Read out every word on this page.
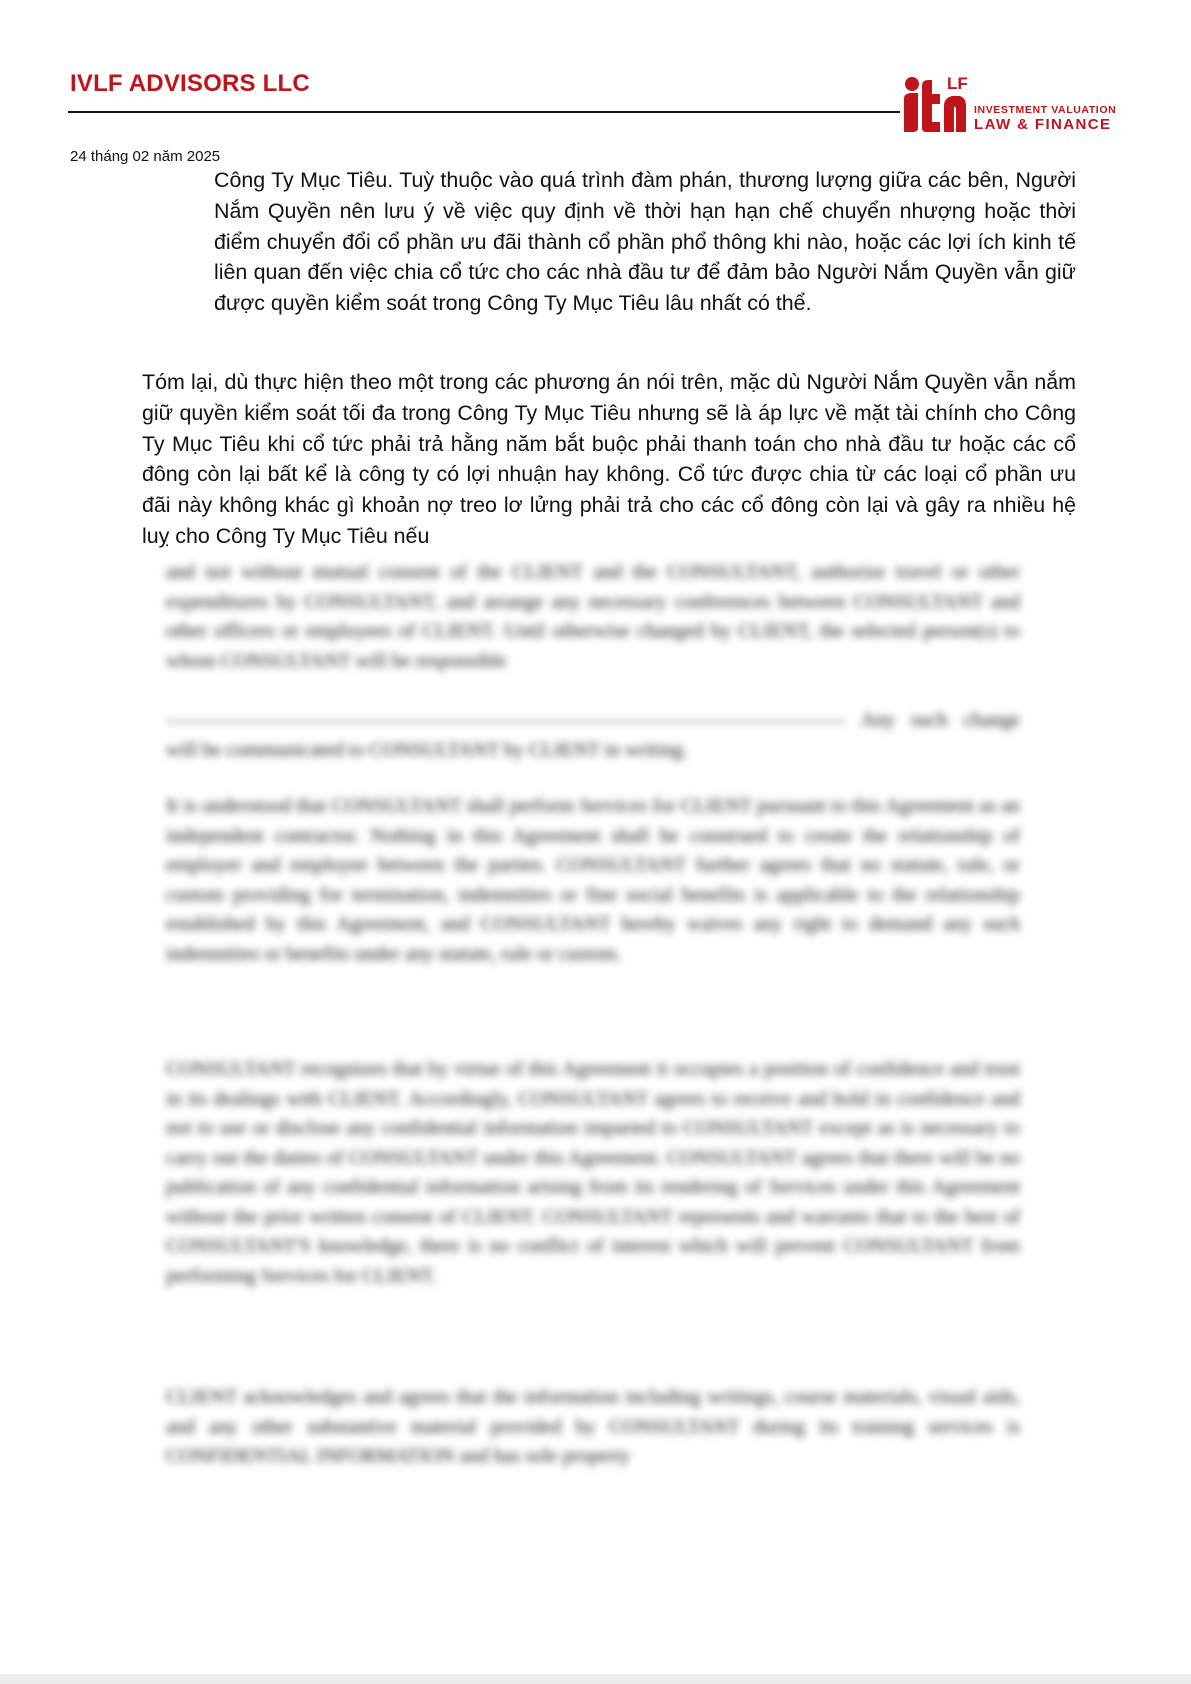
IVLF ADVISORS LLC	LF
INVESTMENT VALUATION
LAW & FINANCE
24 tháng 02 năm 2025
Công Ty Mục Tiêu. Tuỳ thuộc vào quá trình đàm phán, thương lượng giữa các bên, Người Nắm Quyền nên lưu ý về việc quy định về thời hạn hạn chế chuyển nhượng hoặc thời điểm chuyển đổi cổ phần ưu đãi thành cổ phần phổ thông khi nào, hoặc các lợi ích kinh tế liên quan đến việc chia cổ tức cho các nhà đầu tư để đảm bảo Người Nắm Quyền vẫn giữ được quyền kiểm soát trong Công Ty Mục Tiêu lâu nhất có thể.
Tóm lại, dù thực hiện theo một trong các phương án nói trên, mặc dù Người Nắm Quyền vẫn nắm giữ quyền kiểm soát tối đa trong Công Ty Mục Tiêu nhưng sẽ là áp lực về mặt tài chính cho Công Ty Mục Tiêu khi cổ tức phải trả hằng năm bắt buộc phải thanh toán cho nhà đầu tư hoặc các cổ đông còn lại bất kể là công ty có lợi nhuận hay không. Cổ tức được chia từ các loại cổ phần ưu đãi này không khác gì khoản nợ treo lơ lửng phải trả cho các cổ đông còn lại và gây ra nhiều hệ luỵ cho Công Ty Mục Tiêu nếu

and not without mutual consent of the CLIENT and the CONSULTANT, authorize travel or other expenditures by CONSULTANT, and arrange any necessary conferences between CONSULTANT and other officers or employees of CLIENT. Until otherwise changed by CLIENT, the selected person(s) to whom CONSULTANT will be responsible

Any such change will be communicated to CONSULTANT by CLIENT in writing.

It is understood that CONSULTANT shall perform Services for CLIENT pursuant to this Agreement as an independent contractor. Nothing in this Agreement shall be construed to create the relationship of employer and employee between the parties. CONSULTANT further agrees that no statute, rule, or custom providing for termination, indemnities or fine social benefits is applicable to the relationship established by this Agreement, and CONSULTANT hereby waives any right to demand any such indemnities or benefits under any statute, rule or custom.

CONSULTANT recognizes that by virtue of this Agreement it occupies a position of confidence and trust in its dealings with CLIENT. Accordingly, CONSULTANT agrees to receive and hold in confidence and not to use or disclose any confidential information imparted to CONSULTANT except as is necessary to carry out the duties of CONSULTANT under this Agreement. CONSULTANT agrees that there will be no publication of any confidential information arising from its rendering of Services under this Agreement without the prior written consent of CLIENT. CONSULTANT represents and warrants that to the best of CONSULTANT'S knowledge, there is no conflict of interest which will prevent CONSULTANT from performing Services for CLIENT.

CLIENT acknowledges and agrees that the information including writings, course materials, visual aids, and any other substantive material provided by CONSULTANT during its training services is CONFIDENTIAL INFORMATION and has sole property
